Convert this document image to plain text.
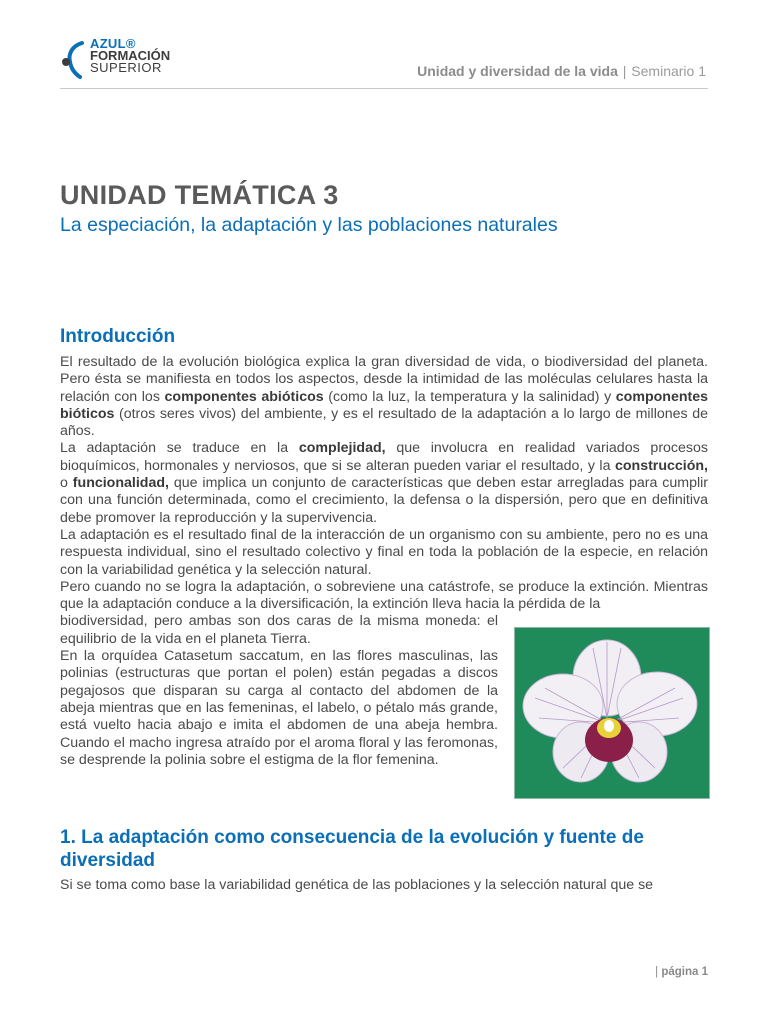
AZUL®
FORMACIÓN
SUPERIOR	Unidad y diversidad de la vida | Seminario 1
UNIDAD TEMÁTICA 3
La especiación, la adaptación y las poblaciones naturales
Introducción

El resultado de la evolución biológica explica la gran diversidad de vida, o biodiversidad del planeta. Pero ésta se manifiesta en todos los aspectos, desde la intimidad de las moléculas celulares hasta la relación con los componentes abióticos (como la luz, la temperatura y la salinidad) y componentes bióticos (otros seres vivos) del ambiente, y es el resultado de la adaptación a lo largo de millones de años.

La adaptación se traduce en la complejidad, que involucra en realidad variados procesos bioquímicos, hormonales y nerviosos, que si se alteran pueden variar el resultado, y la construcción, o funcionalidad, que implica un conjunto de características que deben estar arregladas para cumplir con una función determinada, como el crecimiento, la defensa o la dispersión, pero que en definitiva debe promover la reproducción y la supervivencia.

La adaptación es el resultado final de la interacción de un organismo con su ambiente, pero no es una respuesta individual, sino el resultado colectivo y final en toda la población de la especie, en relación con la variabilidad genética y la selección natural.

Pero cuando no se logra la adaptación, o sobreviene una catástrofe, se produce la extinción. Mientras que la adaptación conduce a la diversificación, la extinción lleva hacia la pérdida de la

biodiversidad, pero ambas son dos caras de la misma moneda: el equilibrio de la vida en el planeta Tierra.

En la orquídea Catasetum saccatum, en las flores masculinas, las polinias (estructuras que portan el polen) están pegadas a discos pegajosos que disparan su carga al contacto del abdomen de la abeja mientras que en las femeninas, el labelo, o pétalo más grande, está vuelto hacia abajo e imita el abdomen de una abeja hembra. Cuando el macho ingresa atraído por el aroma floral y las feromonas, se desprende la polinia sobre el estigma de la flor femenina.

1. La adaptación como consecuencia de la evolución y fuente de diversidad

Si se toma como base la variabilidad genética de las poblaciones y la selección natural que se

| página 1
